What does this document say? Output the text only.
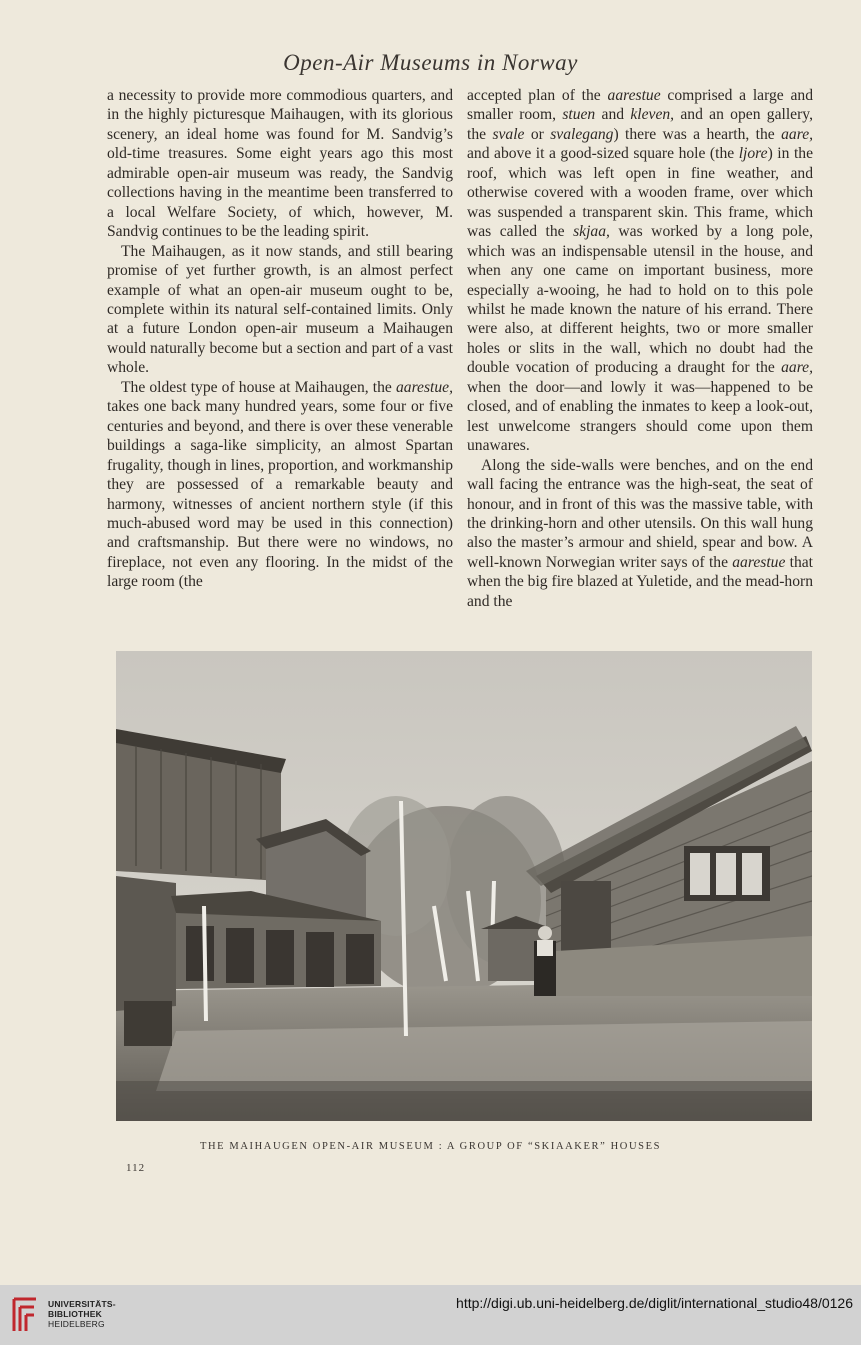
Open-Air Museums in Norway

a necessity to provide more commodious quarters, and in the highly picturesque Maihaugen, with its glorious scenery, an ideal home was found for M. Sandvig’s old-time treasures. Some eight years ago this most admirable open-air museum was ready, the Sandvig collections having in the meantime been transferred to a local Welfare Society, of which, however, M. Sandvig continues to be the leading spirit.

The Maihaugen, as it now stands, and still bearing promise of yet further growth, is an almost perfect example of what an open-air museum ought to be, complete within its natural self-contained limits. Only at a future London open-air museum a Maihaugen would naturally become but a section and part of a vast whole.

The oldest type of house at Maihaugen, the aarestue, takes one back many hundred years, some four or five centuries and beyond, and there is over these venerable buildings a saga-like simplicity, an almost Spartan frugality, though in lines, proportion, and workmanship they are possessed of a remarkable beauty and harmony, witnesses of ancient northern style (if this much-abused word may be used in this connection) and craftsmanship. But there were no windows, no fireplace, not even any flooring. In the midst of the large room (the

accepted plan of the aarestue comprised a large and smaller room, stuen and kleven, and an open gallery, the svale or svalegang) there was a hearth, the aare, and above it a good-sized square hole (the ljore) in the roof, which was left open in fine weather, and otherwise covered with a wooden frame, over which was suspended a transparent skin. This frame, which was called the skjaa, was worked by a long pole, which was an indispensable utensil in the house, and when any one came on important business, more especially a-wooing, he had to hold on to this pole whilst he made known the nature of his errand. There were also, at different heights, two or more smaller holes or slits in the wall, which no doubt had the double vocation of producing a draught for the aare, when the door—and lowly it was—happened to be closed, and of enabling the inmates to keep a look-out, lest unwelcome strangers should come upon them unawares.

Along the side-walls were benches, and on the end wall facing the entrance was the high-seat, the seat of honour, and in front of this was the massive table, with the drinking-horn and other utensils. On this wall hung also the master’s armour and shield, spear and bow. A well-known Norwegian writer says of the aarestue that when the big fire blazed at Yuletide, and the mead-horn and the

THE MAIHAUGEN OPEN-AIR MUSEUM : A GROUP OF “SKIAAKER” HOUSES
112
UNIVERSITÄTS-
BIBLIOTHEK
HEIDELBERG
http://digi.ub.uni-heidelberg.de/diglit/international_studio48/0126
